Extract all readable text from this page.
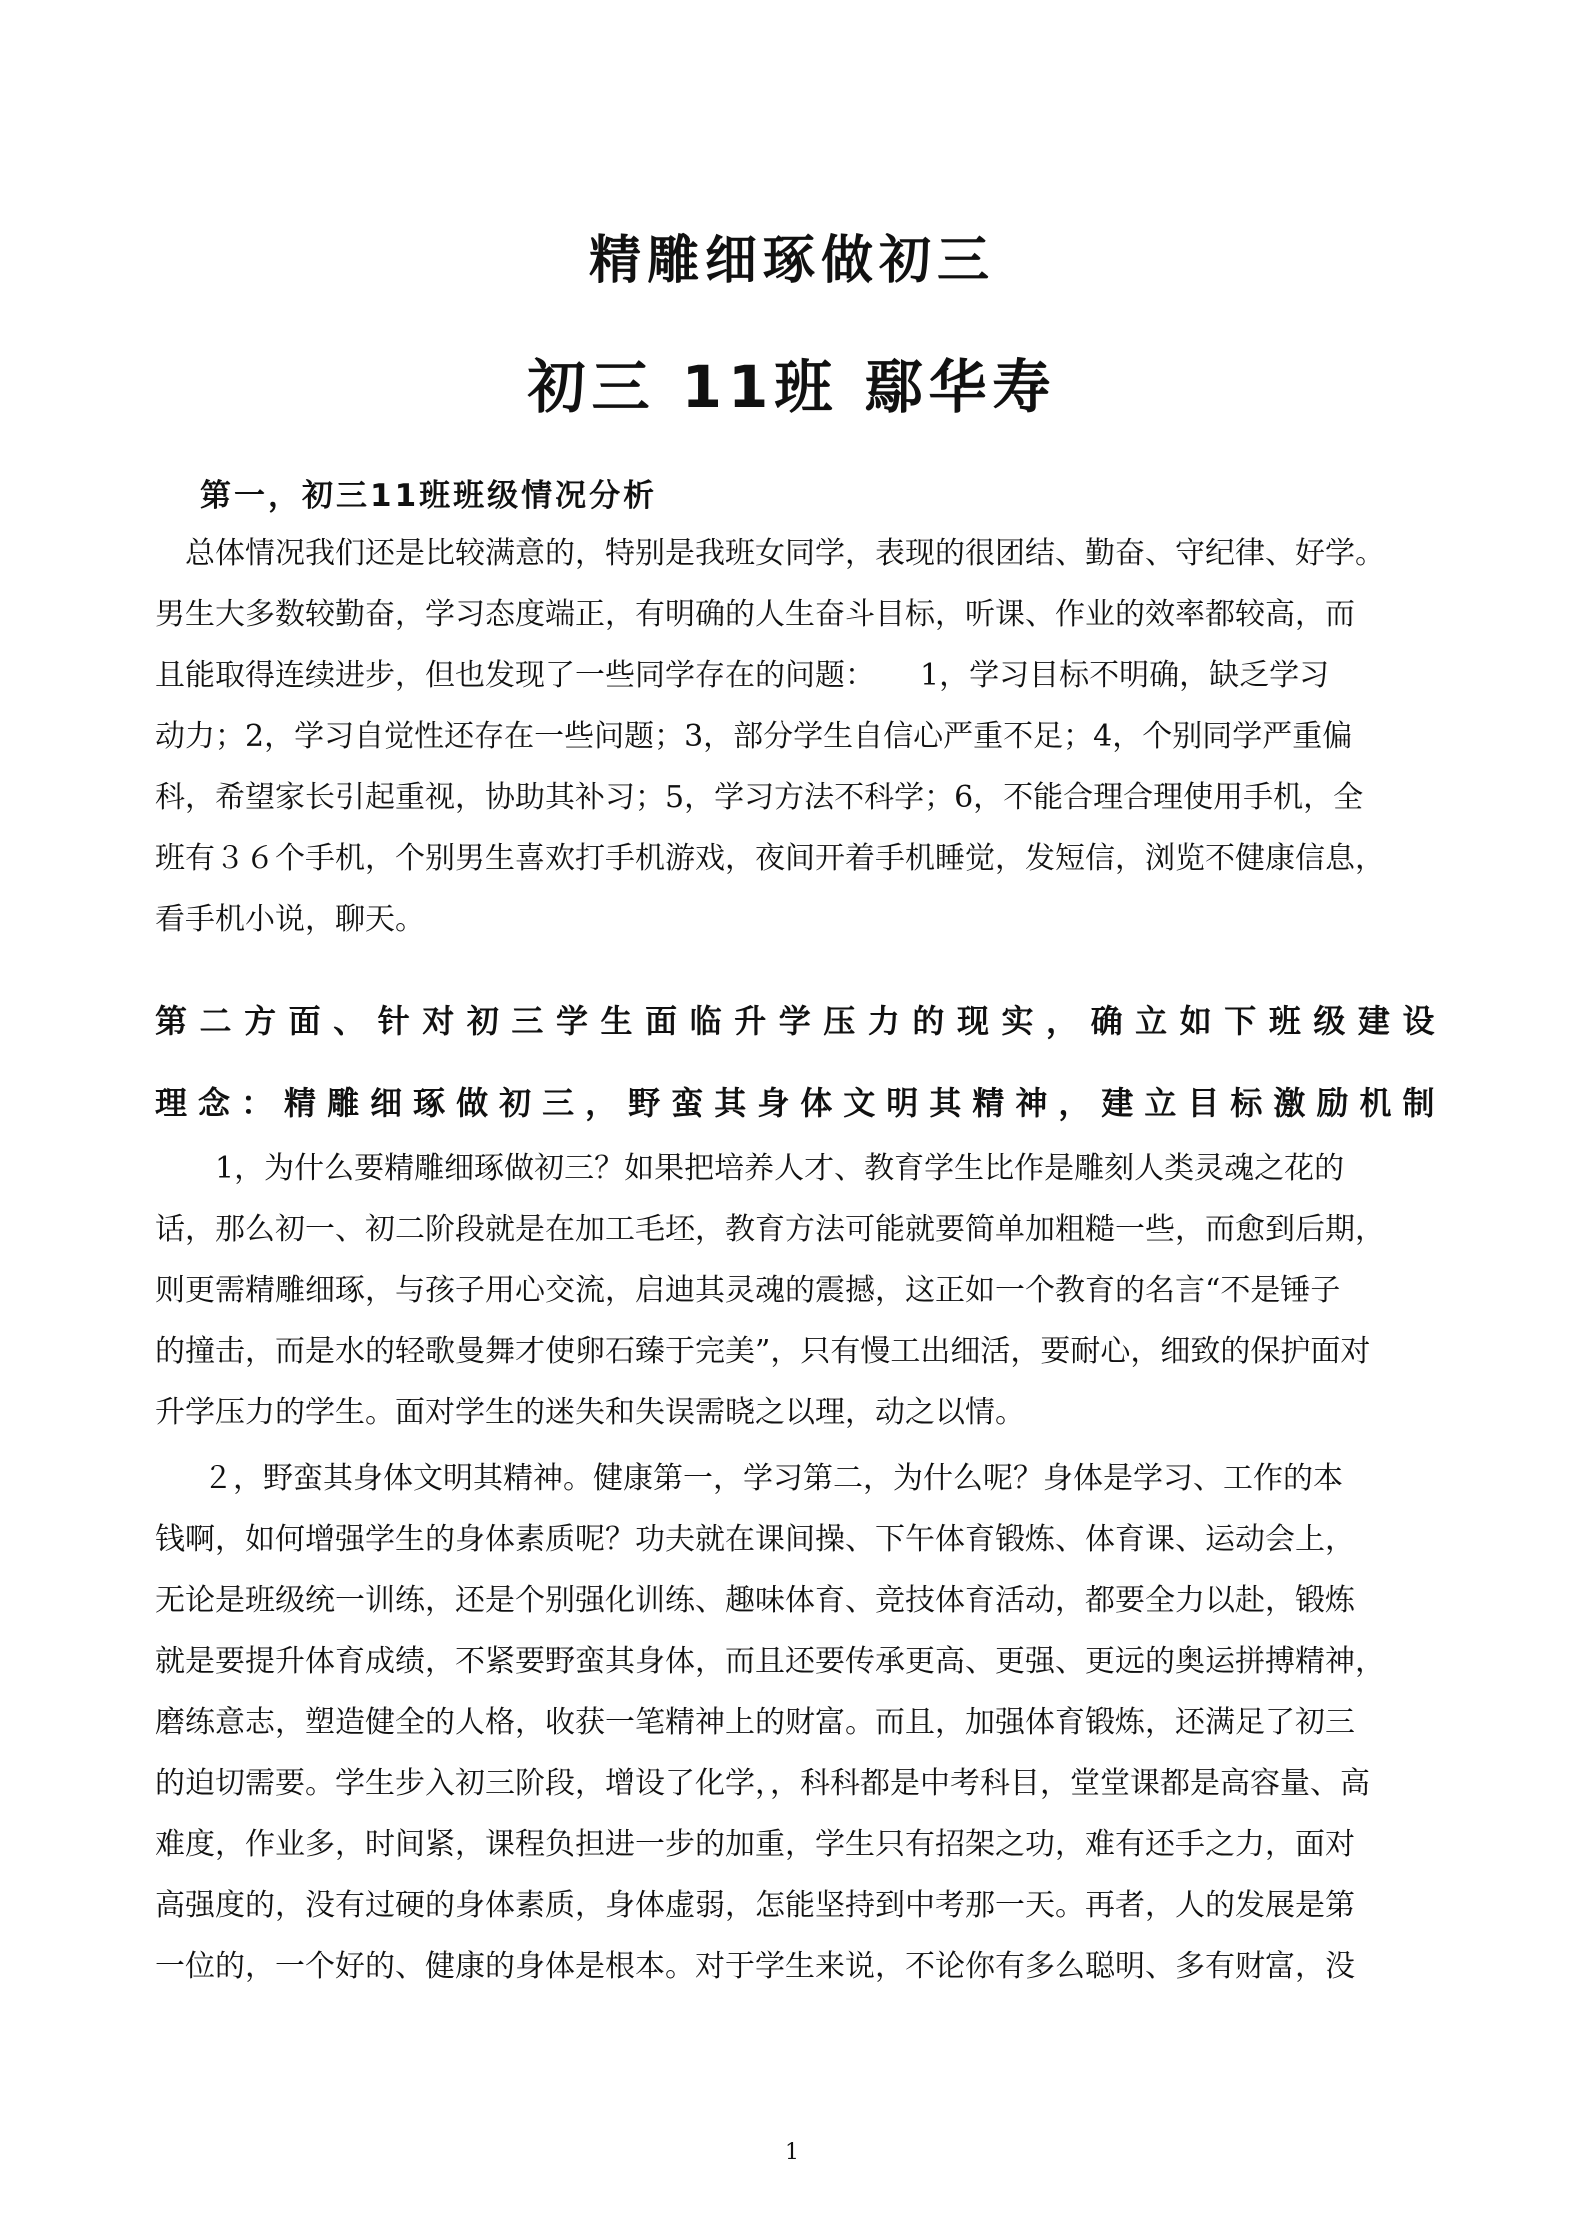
精雕细琢做初三
初三 11班 鄢华寿
第一，初三11班班级情况分析
总体情况我们还是比较满意的，特别是我班女同学，表现的很团结、勤奋、守纪律、好学。
男生大多数较勤奋，学习态度端正，有明确的人生奋斗目标，听课、作业的效率都较高，而
且能取得连续进步，但也发现了一些同学存在的问题：　　1，学习目标不明确，缺乏学习
动力；2，学习自觉性还存在一些问题；3，部分学生自信心严重不足；4，个别同学严重偏
科，希望家长引起重视，协助其补习；5，学习方法不科学；6，不能合理合理使用手机，全
班有３６个手机，个别男生喜欢打手机游戏，夜间开着手机睡觉，发短信，浏览不健康信息，
看手机小说，聊天。
第二方面、针对初三学生面临升学压力的现实，确立如下班级建设
理念：精雕细琢做初三，野蛮其身体文明其精神，建立目标激励机制
　1，为什么要精雕细琢做初三？如果把培养人才、教育学生比作是雕刻人类灵魂之花的
话，那么初一、初二阶段就是在加工毛坯，教育方法可能就要简单加粗糙一些，而愈到后期，
则更需精雕细琢，与孩子用心交流，启迪其灵魂的震撼，这正如一个教育的名言“不是锤子
的撞击，而是水的轻歌曼舞才使卵石臻于完美”，只有慢工出细活，要耐心，细致的保护面对
升学压力的学生。面对学生的迷失和失误需晓之以理，动之以情。
２，野蛮其身体文明其精神。健康第一，学习第二，为什么呢？身体是学习、工作的本
钱啊，如何增强学生的身体素质呢？功夫就在课间操、下午体育锻炼、体育课、运动会上，
无论是班级统一训练，还是个别强化训练、趣味体育、竞技体育活动，都要全力以赴，锻炼
就是要提升体育成绩，不紧要野蛮其身体，而且还要传承更高、更强、更远的奥运拼搏精神，
磨练意志，塑造健全的人格，收获一笔精神上的财富。而且，加强体育锻炼，还满足了初三
的迫切需要。学生步入初三阶段，增设了化学，，科科都是中考科目，堂堂课都是高容量、高
难度，作业多，时间紧，课程负担进一步的加重，学生只有招架之功，难有还手之力，面对
高强度的，没有过硬的身体素质，身体虚弱，怎能坚持到中考那一天。再者，人的发展是第
一位的，一个好的、健康的身体是根本。对于学生来说，不论你有多么聪明、多有财富，没
1
